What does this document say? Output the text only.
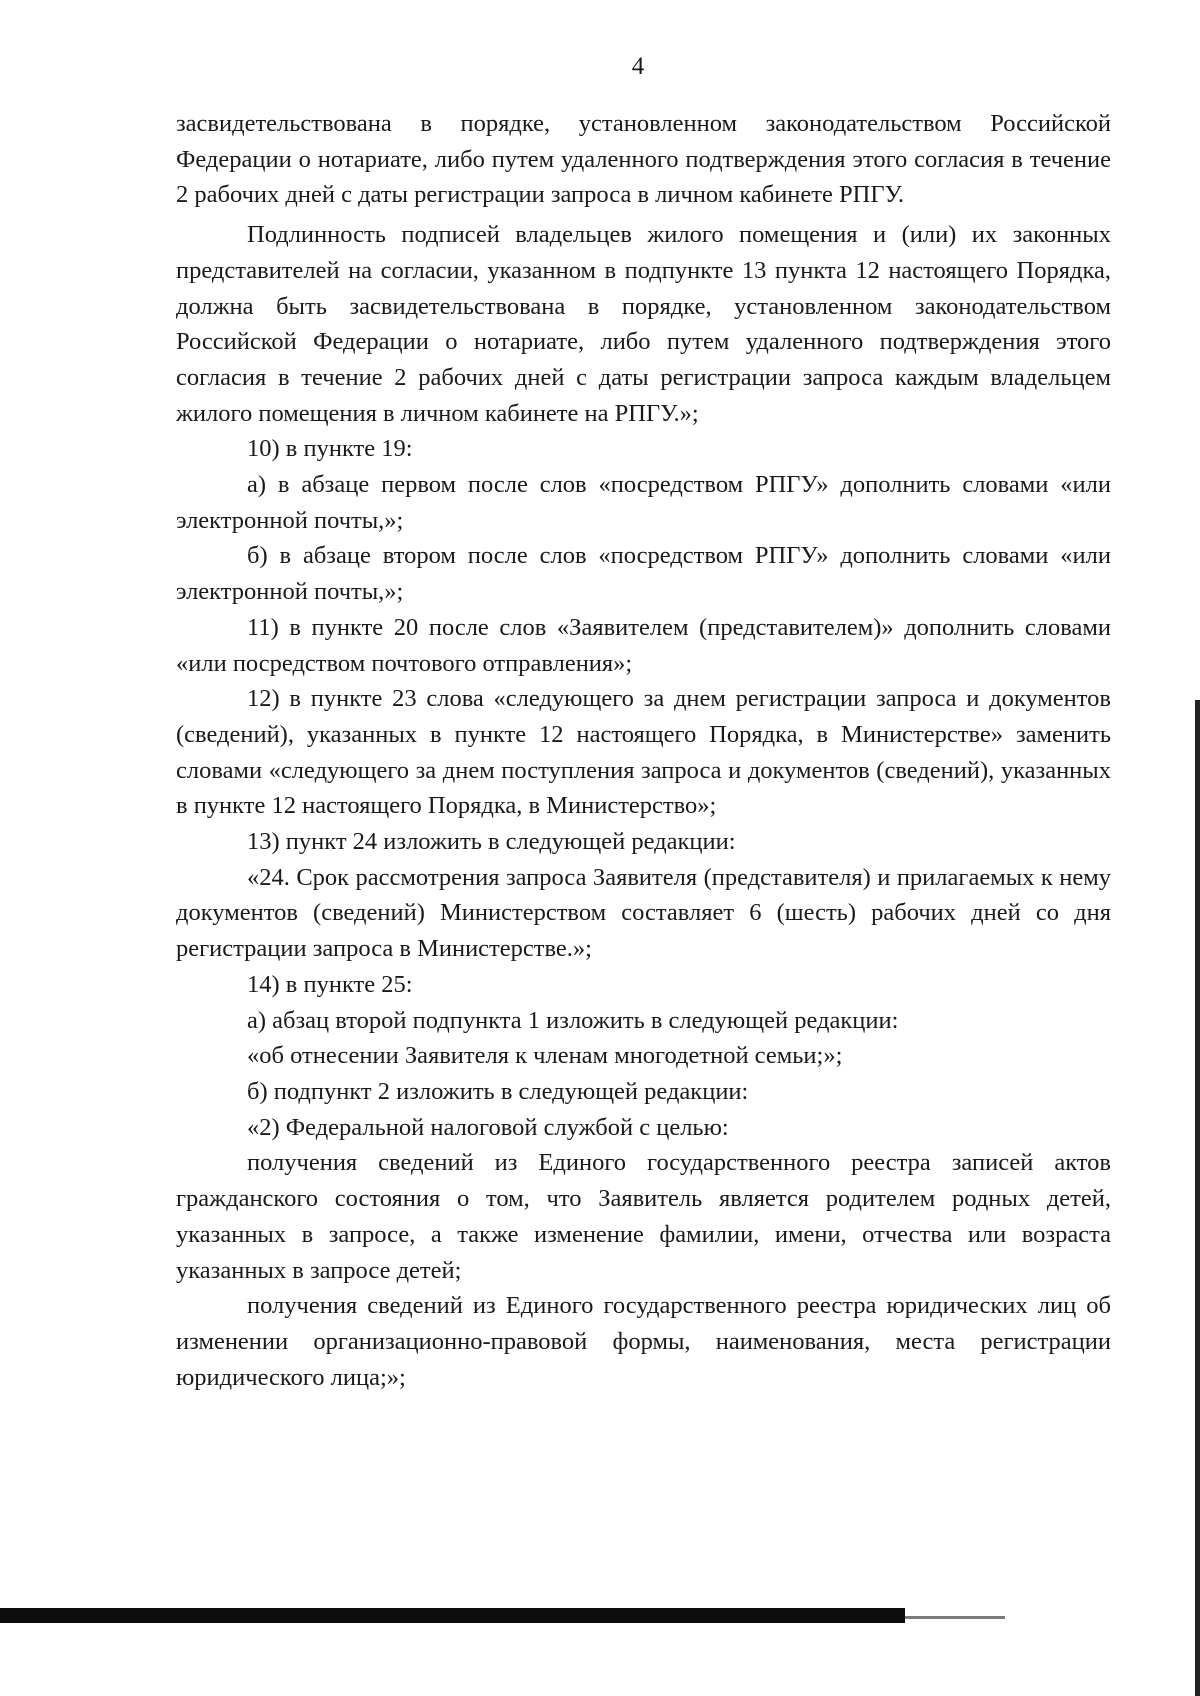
4

засвидетельствована в порядке, установленном законодательством Российской Федерации о нотариате, либо путем удаленного подтверждения этого согласия в течение 2 рабочих дней с даты регистрации запроса в личном кабинете РПГУ.

Подлинность подписей владельцев жилого помещения и (или) их законных представителей на согласии, указанном в подпункте 13 пункта 12 настоящего Порядка, должна быть засвидетельствована в порядке, установленном законодательством Российской Федерации о нотариате, либо путем удаленного подтверждения этого согласия в течение 2 рабочих дней с даты регистрации запроса каждым владельцем жилого помещения в личном кабинете на РПГУ.»;

10) в пункте 19:

а) в абзаце первом после слов «посредством РПГУ» дополнить словами «или электронной почты,»;

б) в абзаце втором после слов «посредством РПГУ» дополнить словами «или электронной почты,»;

11) в пункте 20 после слов «Заявителем (представителем)» дополнить словами «или посредством почтового отправления»;

12) в пункте 23 слова «следующего за днем регистрации запроса и документов (сведений), указанных в пункте 12 настоящего Порядка, в Министерстве» заменить словами «следующего за днем поступления запроса и документов (сведений), указанных в пункте 12 настоящего Порядка, в Министерство»;

13) пункт 24 изложить в следующей редакции:

«24. Срок рассмотрения запроса Заявителя (представителя) и прилагаемых к нему документов (сведений) Министерством составляет 6 (шесть) рабочих дней со дня регистрации запроса в Министерстве.»;

14) в пункте 25:

а) абзац второй подпункта 1 изложить в следующей редакции:

«об отнесении Заявителя к членам многодетной семьи;»;

б) подпункт 2 изложить в следующей редакции:

«2) Федеральной налоговой службой с целью:

получения сведений из Единого государственного реестра записей актов гражданского состояния о том, что Заявитель является родителем родных детей, указанных в запросе, а также изменение фамилии, имени, отчества или возраста указанных в запросе детей;

получения сведений из Единого государственного реестра юридических лиц об изменении организационно-правовой формы, наименования, места регистрации юридического лица;»;
